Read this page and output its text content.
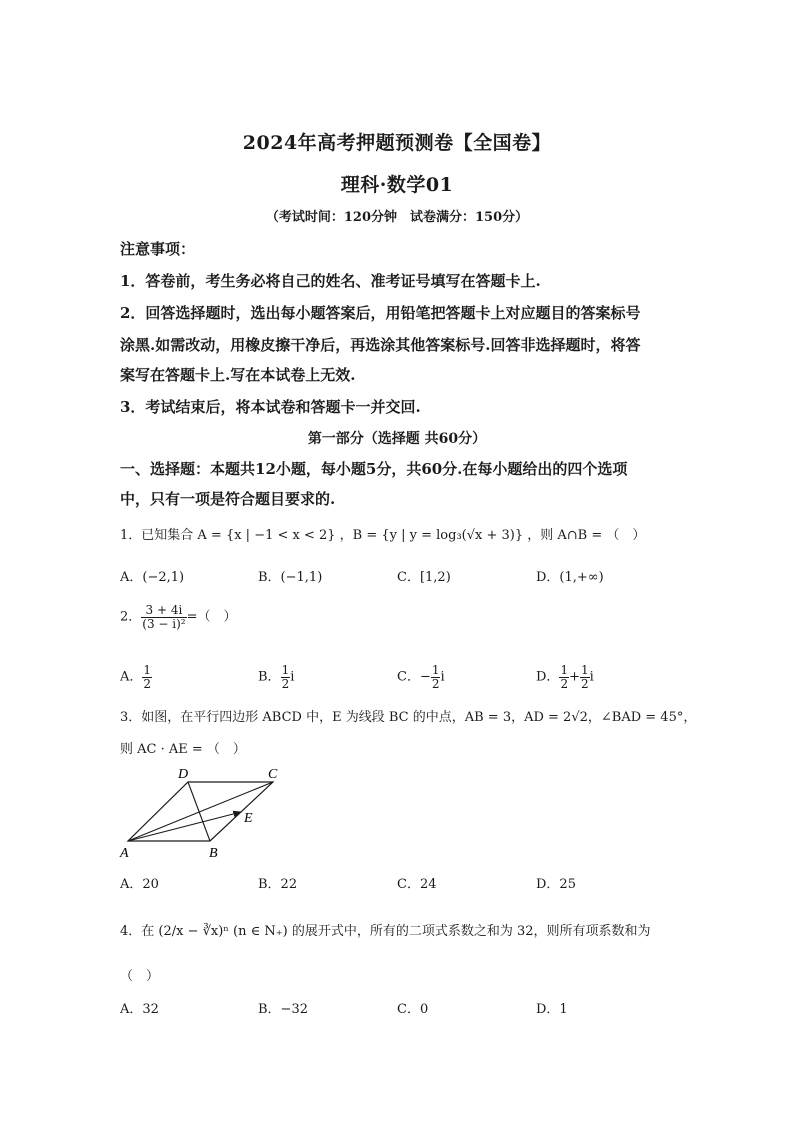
2024年高考押题预测卷【全国卷】
理科·数学01
（考试时间：120分钟　试卷满分：150分）
注意事项：
1．答卷前，考生务必将自己的姓名、准考证号填写在答题卡上.
2．回答选择题时，选出每小题答案后，用铅笔把答题卡上对应题目的答案标号
涂黑.如需改动，用橡皮擦干净后，再选涂其他答案标号.回答非选择题时，将答
案写在答题卡上.写在本试卷上无效.
3．考试结束后，将本试卷和答题卡一并交回.
第一部分（选择题 共60分）
一、选择题：本题共12小题，每小题5分，共60分.在每小题给出的四个选项
中，只有一项是符合题目要求的.
1．已知集合 A = {x | −1 < x < 2} ，B = {y | y = log₃(√x + 3)} ，则 A∩B = （　）
A．(−2,1)	B．(−1,1)	C．[1,2)	D．(1,+∞)
2． $\frac{3 + 4i}{\text{(3 − i)²}}$ =（　）
A． $\frac{1}{2}$	B． $\frac{1}{2}$ i	C．− $\frac{1}{2}$ i	D． $\frac{1}{2} + \frac{1}{2}$ i
3．如图，在平行四边形 ABCD 中，E 为线段 BC 的中点，AB = 3，AD = 2√2，∠BAD = 45°，
则 AC · AE = （　）
D	C
E
A	B
A．20	B．22	C．24	D．25
4．在 (2/x − ∛x)ⁿ (n ∈ N₊) 的展开式中，所有的二项式系数之和为 32，则所有项系数和为
（　）
A．32	B．−32	C．0	D．1
